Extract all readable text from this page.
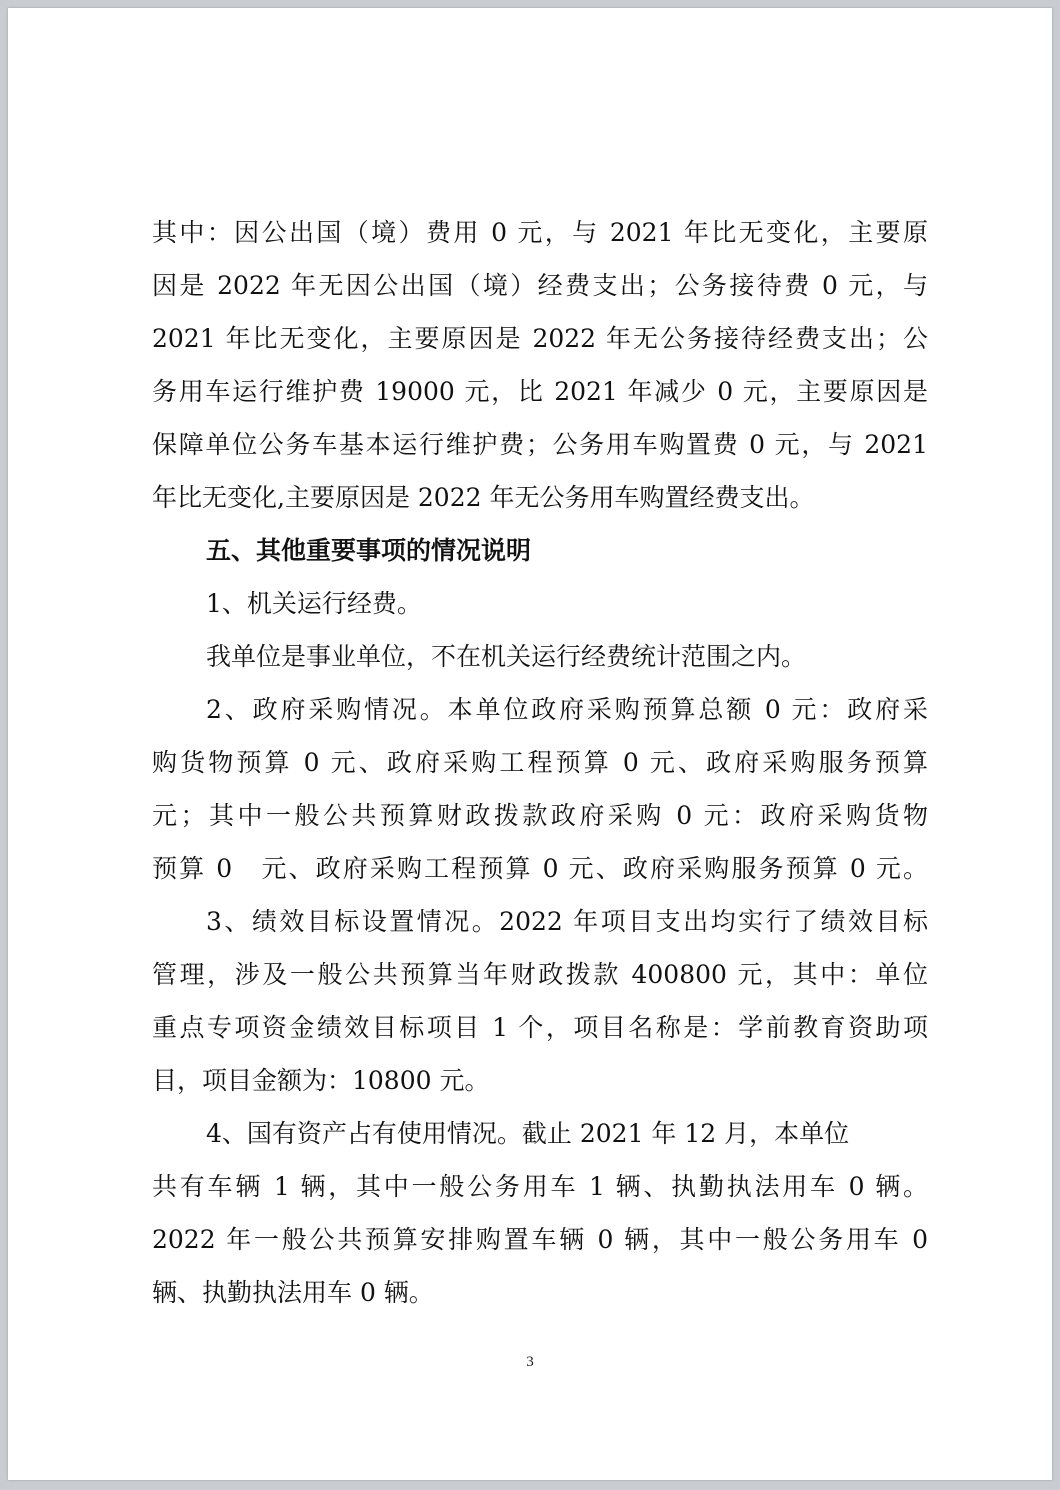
其中：因公出国（境）费用 0 元，与 2021 年比无变化，主要原
因是 2022 年无因公出国（境）经费支出；公务接待费 0 元，与
2021 年比无变化，主要原因是 2022 年无公务接待经费支出；公
务用车运行维护费 19000 元，比 2021 年减少 0 元，主要原因是
保障单位公务车基本运行维护费；公务用车购置费 0 元，与 2021
年比无变化,主要原因是 2022 年无公务用车购置经费支出。
五、其他重要事项的情况说明
1、机关运行经费。
我单位是事业单位，不在机关运行经费统计范围之内。
2、政府采购情况。本单位政府采购预算总额 0 元：政府采
购货物预算 0 元、政府采购工程预算 0 元、政府采购服务预算
元；其中一般公共预算财政拨款政府采购 0 元：政府采购货物
预算 0　元、政府采购工程预算 0 元、政府采购服务预算 0 元。
3、绩效目标设置情况。2022 年项目支出均实行了绩效目标
管理，涉及一般公共预算当年财政拨款 400800 元，其中：单位
重点专项资金绩效目标项目 1 个，项目名称是：学前教育资助项
目，项目金额为：10800 元。
4、国有资产占有使用情况。截止 2021 年 12 月，本单位
共有车辆 1 辆，其中一般公务用车 1 辆、执勤执法用车 0 辆。
2022 年一般公共预算安排购置车辆 0 辆，其中一般公务用车 0
辆、执勤执法用车 0 辆。
3
